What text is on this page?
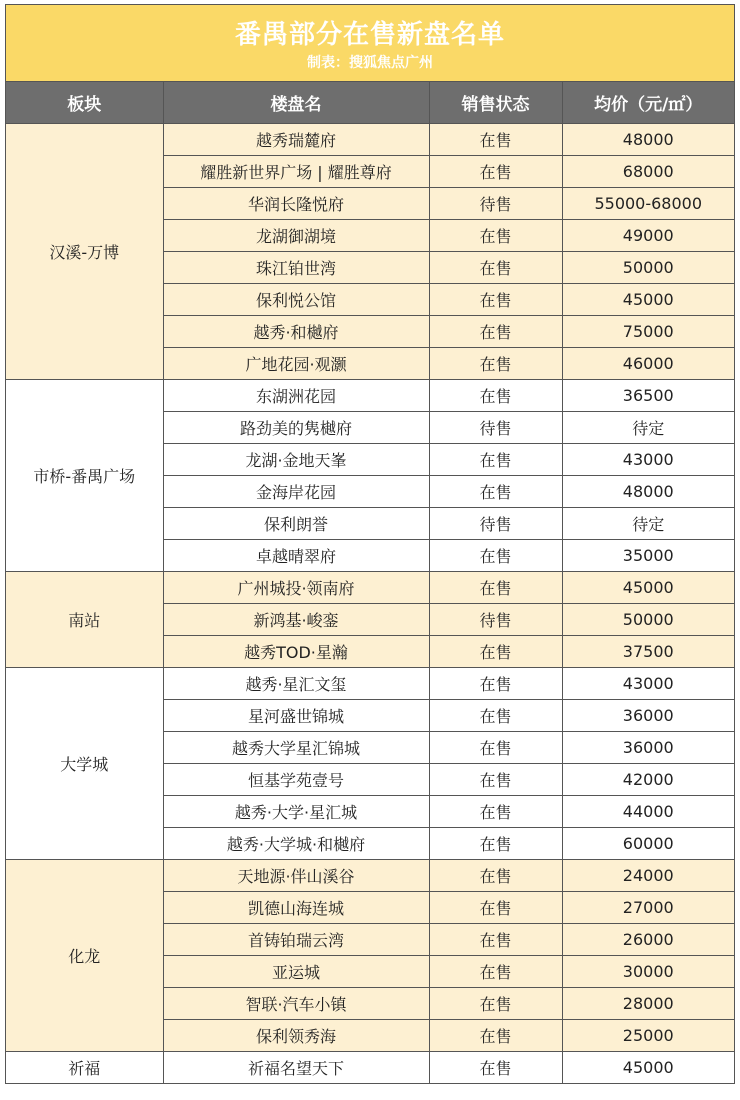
番禺部分在售新盘名单
制表：搜狐焦点广州
板块	楼盘名	销售状态	均价（元/㎡）
汉溪-万博	越秀瑞麓府	在售	48000
	耀胜新世界广场 | 耀胜尊府	在售	68000
	华润长隆悦府	待售	55000-68000
	龙湖御湖境	在售	49000
	珠江铂世湾	在售	50000
	保利悦公馆	在售	45000
	越秀·和樾府	在售	75000
	广地花园·观灏	在售	46000
市桥-番禺广场	东湖洲花园	在售	36500
	路劲美的隽樾府	待售	待定
	龙湖·金地天峯	在售	43000
	金海岸花园	在售	48000
	保利朗誉	待售	待定
	卓越晴翠府	在售	35000
南站	广州城投·领南府	在售	45000
	新鸿基·峻銮	待售	50000
	越秀TOD·星瀚	在售	37500
大学城	越秀·星汇文玺	在售	43000
	星河盛世锦城	在售	36000
	越秀大学星汇锦城	在售	36000
	恒基学苑壹号	在售	42000
	越秀·大学·星汇城	在售	44000
	越秀·大学城·和樾府	在售	60000
化龙	天地源·伴山溪谷	在售	24000
	凯德山海连城	在售	27000
	首铸铂瑞云湾	在售	26000
	亚运城	在售	30000
	智联·汽车小镇	在售	28000
	保利领秀海	在售	25000
祈福	祈福名望天下	在售	45000
